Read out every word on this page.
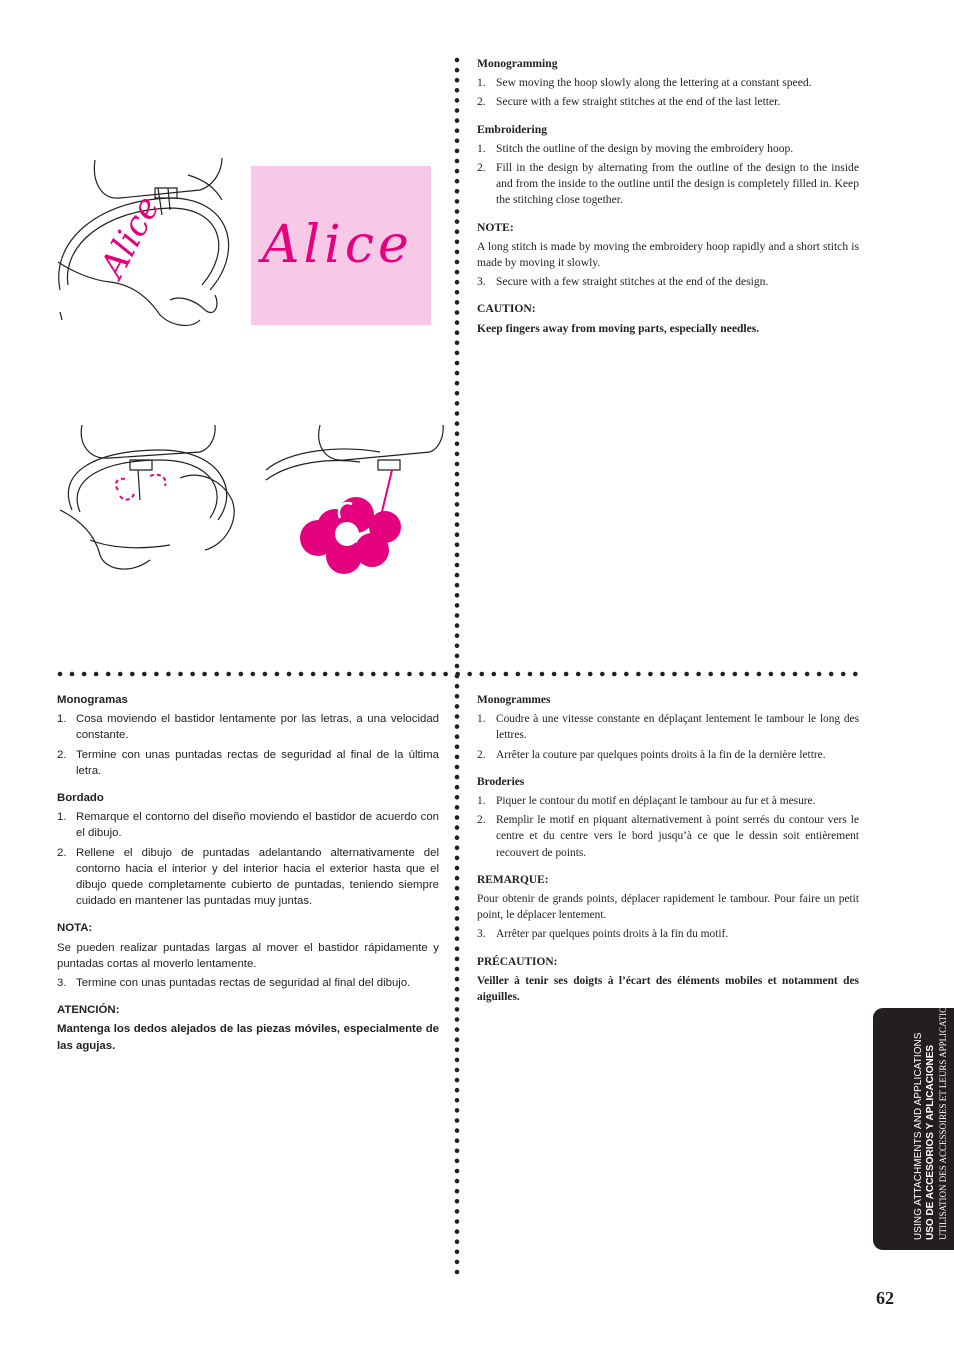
Alice Alice
Monogramming
1. Sew moving the hoop slowly along the lettering at a constant speed.
2. Secure with a few straight stitches at the end of the last letter.
Embroidering
1. Stitch the outline of the design by moving the embroidery hoop.
2. Fill in the design by alternating from the outline of the design to the inside and from the inside to the outline until the design is completely filled in. Keep the stitching close together.
NOTE:
A long stitch is made by moving the embroidery hoop rapidly and a short stitch is made by moving it slowly.
3. Secure with a few straight stitches at the end of the design.
CAUTION:
Keep fingers away from moving parts, especially needles.
Monogramas
1. Cosa moviendo el bastidor lentamente por las letras, a una velocidad constante.
2. Termine con unas puntadas rectas de seguridad al final de la última letra.
Bordado
1. Remarque el contorno del diseño moviendo el bastidor de acuerdo con el dibujo.
2. Rellene el dibujo de puntadas adelantando alternativamente del contorno hacia el interior y del interior hacia el exterior hasta que el dibujo quede completamente cubierto de puntadas, teniendo siempre cuidado en mantener las puntadas muy juntas.
NOTA:
Se pueden realizar puntadas largas al mover el bastidor rápidamente y puntadas cortas al moverlo lentamente.
3. Termine con unas puntadas rectas de seguridad al final del dibujo.
ATENCIÓN:
Mantenga los dedos alejados de las piezas móviles, especialmente de las agujas.
Monogrammes
1. Coudre à une vitesse constante en déplaçant lentement le tambour le long des lettres.
2. Arrêter la couture par quelques points droits à la fin de la dernière lettre.
Broderies
1. Piquer le contour du motif en déplaçant le tambour au fur et à mesure.
2. Remplir le motif en piquant alternativement à point serrés du contour vers le centre et du centre vers le bord jusqu’à ce que le dessin soit entièrement recouvert de points.
REMARQUE:
Pour obtenir de grands points, déplacer rapidement le tambour. Pour faire un petit point, le déplacer lentement.
3. Arrêter par quelques points droits à la fin du motif.
PRÉCAUTION:
Veiller à tenir ses doigts à l’écart des éléments mobiles et notamment des aiguilles.
USING ATTACHMENTS AND APPLICATIONS USO DE ACCESORIOS Y APLICACIONES UTILISATION DES ACCESSOIRES ET LEURS APPLICATIONS
62
